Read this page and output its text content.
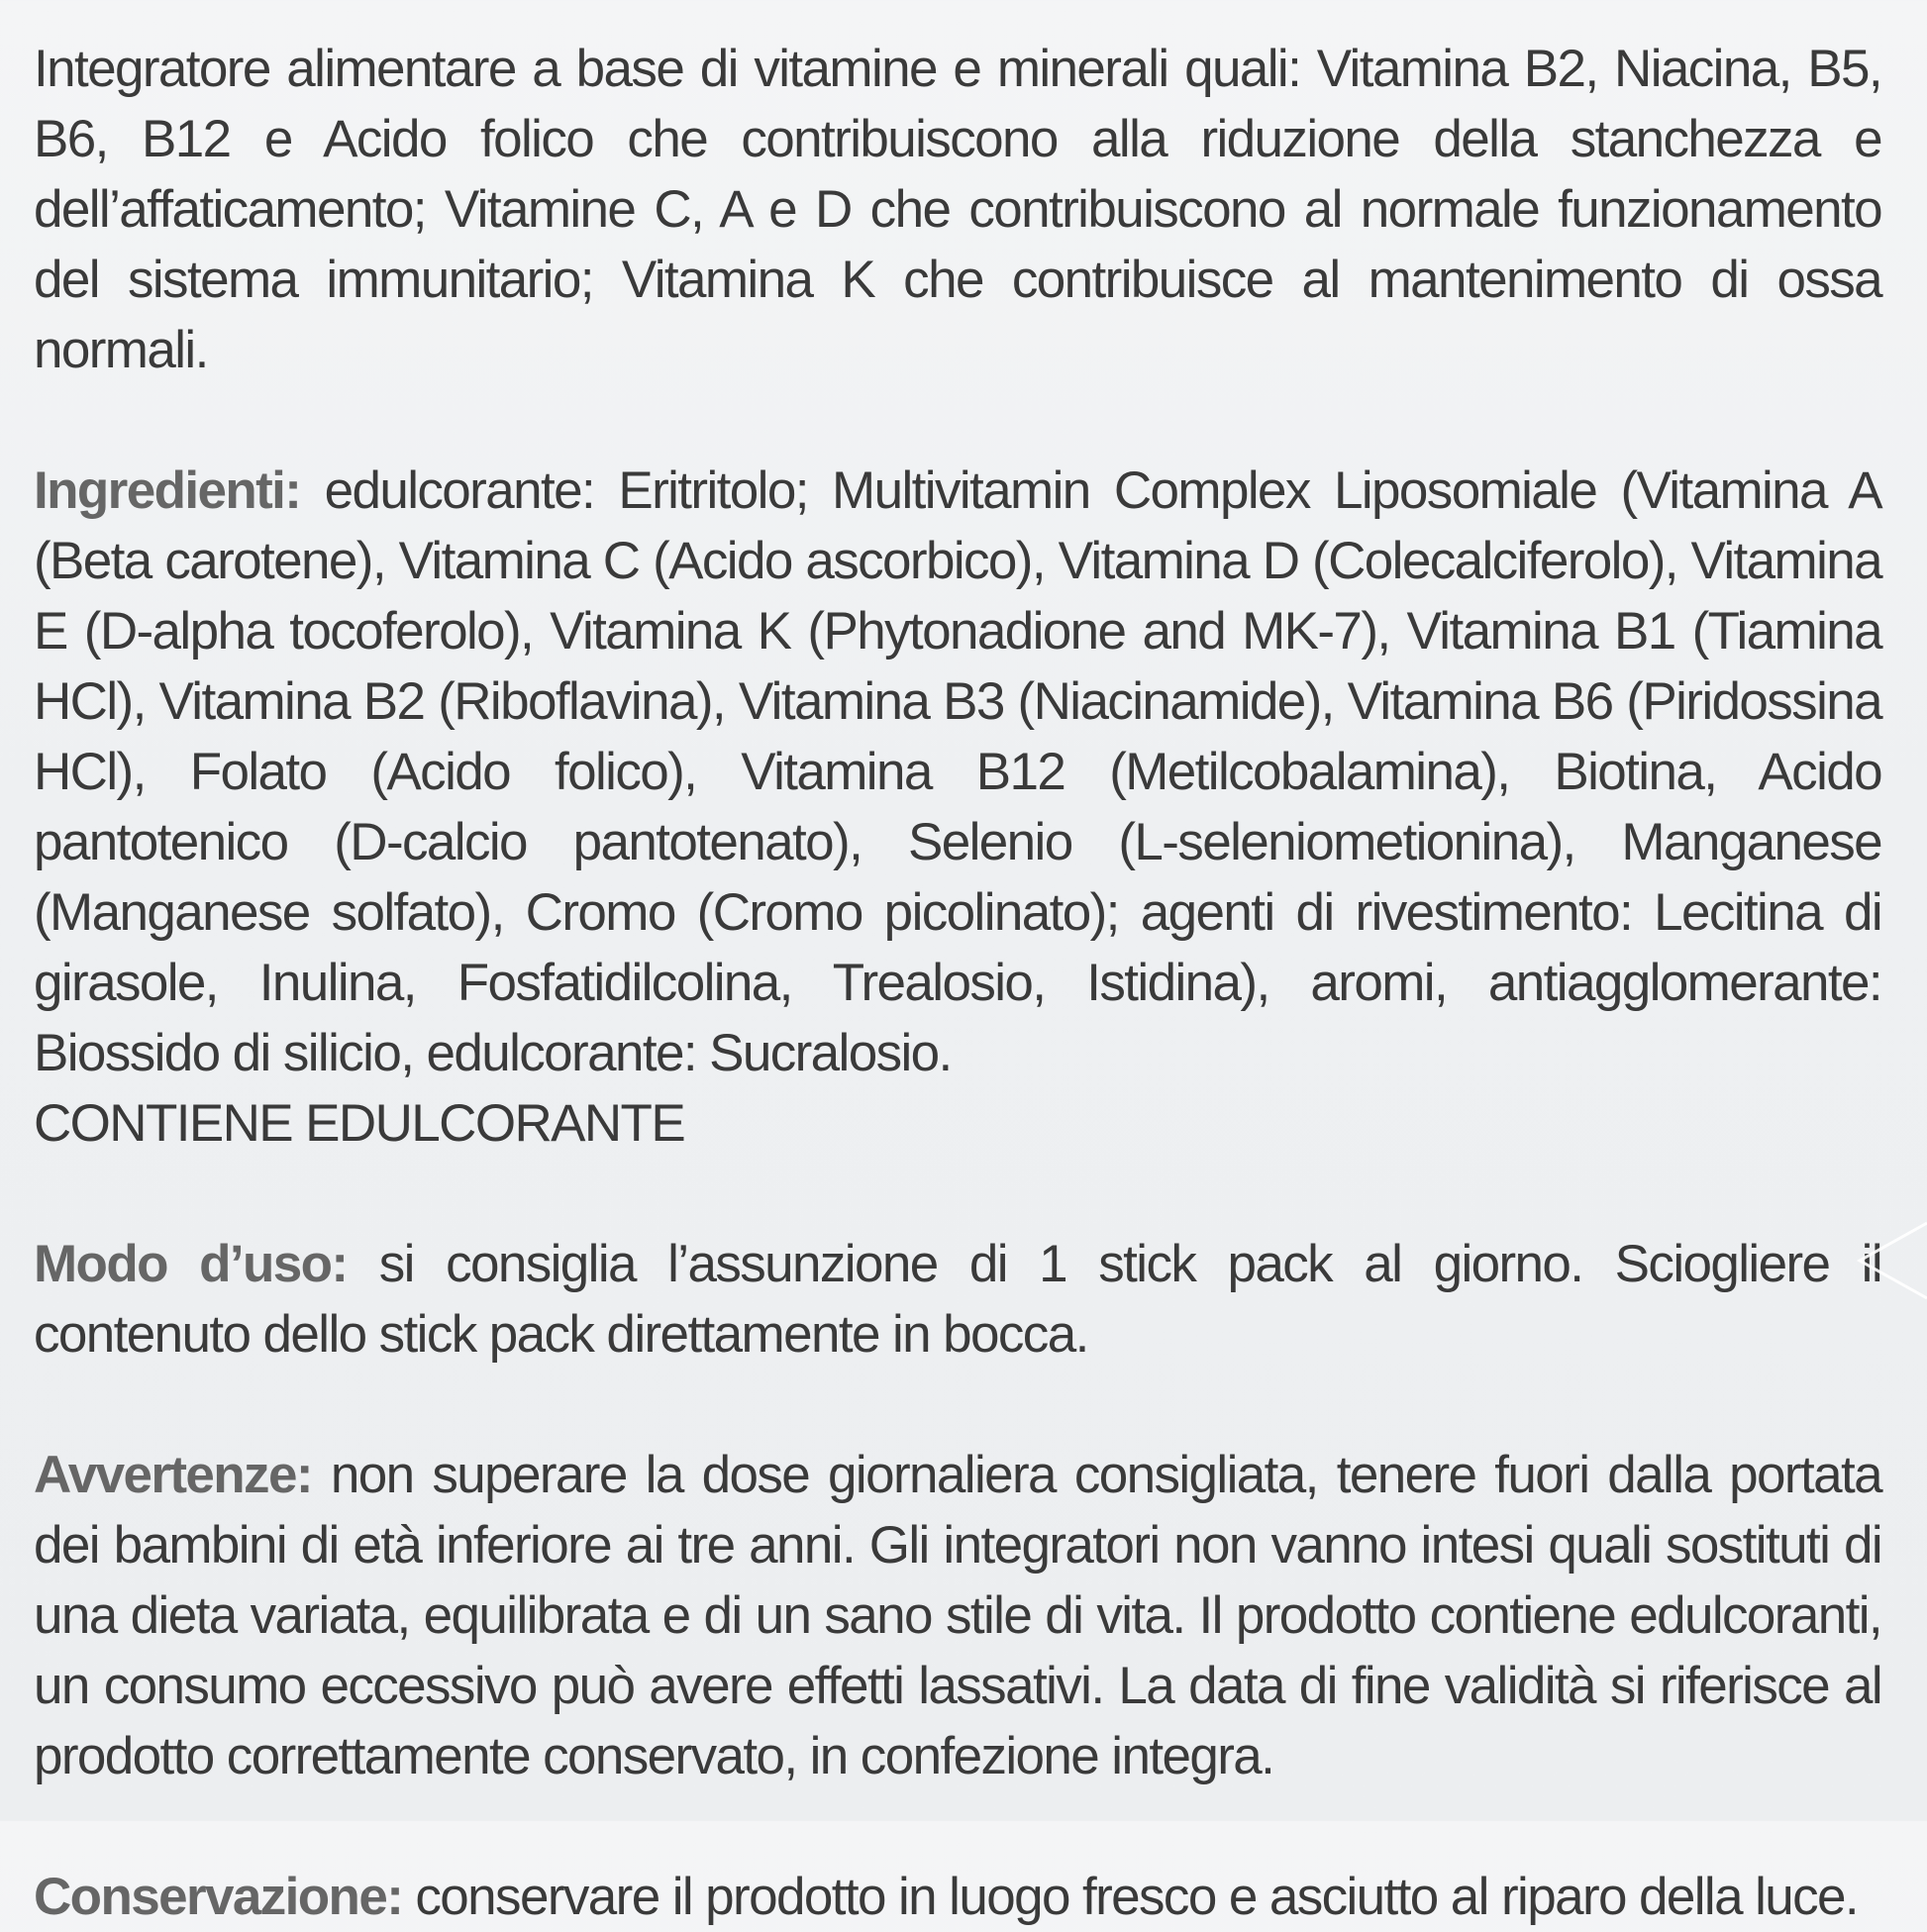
Integratore alimentare a base di vitamine e minerali quali: Vitamina B2, Niacina, B5, B6, B12 e Acido folico che contribuiscono alla riduzione della stanchezza e dell’affaticamento; Vitamine C, A e D che contribuiscono al normale funzionamento del sistema immunitario; Vitamina K che contribuisce al mantenimento di ossa normali.

Ingredienti: edulcorante: Eritritolo; Multivitamin Complex Liposomiale (Vitamina A (Beta carotene), Vitamina C (Acido ascorbico), Vitamina D (Colecalciferolo), Vitamina E (D-alpha tocoferolo), Vitamina K (Phytonadione and MK-7), Vitamina B1 (Tiamina HCl), Vitamina B2 (Riboflavina), Vitamina B3 (Niacinamide), Vitamina B6 (Piridossina HCl), Folato (Acido folico), Vitamina B12 (Metilcobalamina), Biotina, Acido pantotenico (D-calcio pantotenato), Selenio (L-seleniometionina), Manganese (Manganese solfato), Cromo (Cromo picolinato); agenti di rivestimento: Lecitina di girasole, Inulina, Fosfatidilcolina, Trealosio, Istidina), aromi, antiagglomerante: Biossido di silicio, edulcorante: Sucralosio.
CONTIENE EDULCORANTE

Modo d’uso: si consiglia l’assunzione di 1 stick pack al giorno. Sciogliere il contenuto dello stick pack direttamente in bocca.

Avvertenze: non superare la dose giornaliera consigliata, tenere fuori dalla portata dei bambini di età inferiore ai tre anni. Gli integratori non vanno intesi quali sostituti di una dieta variata, equilibrata e di un sano stile di vita. Il prodotto contiene edulcoranti, un consumo eccessivo può avere effetti lassativi. La data di fine validità si riferisce al prodotto correttamente conservato, in confezione integra.

Conservazione: conservare il prodotto in luogo fresco e asciutto al riparo della luce.
